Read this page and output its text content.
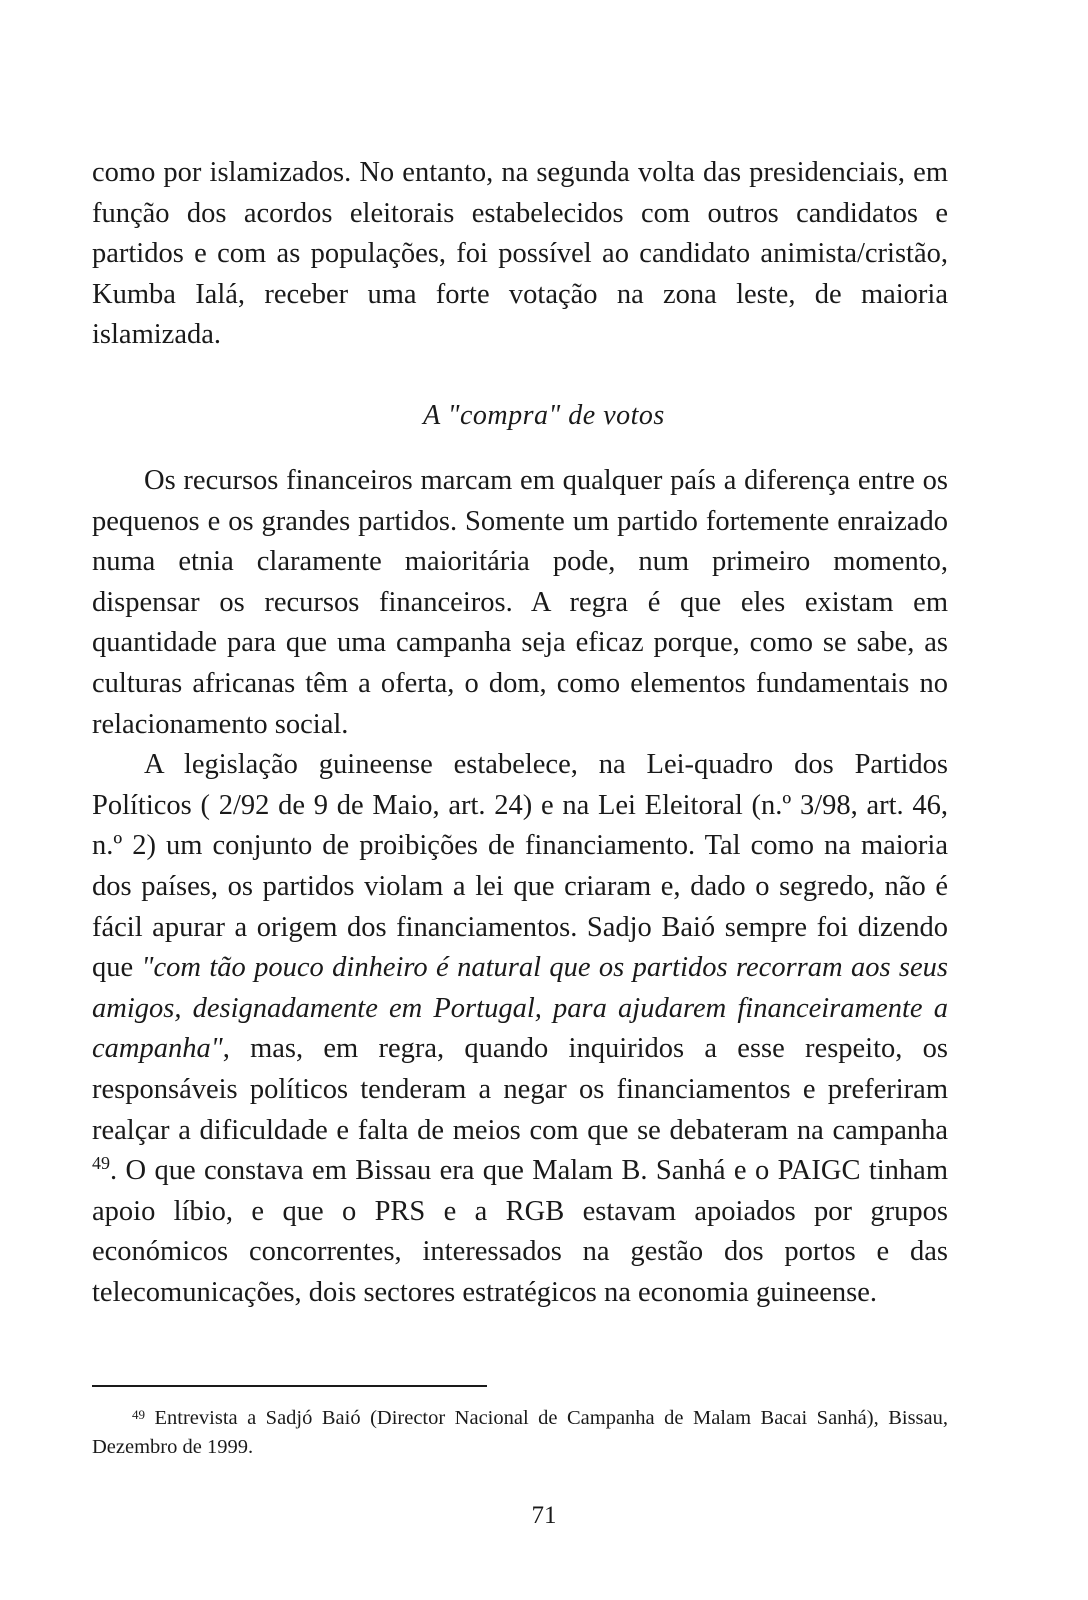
como por islamizados. No entanto, na segunda volta das presidenciais, em função dos acordos eleitorais estabelecidos com outros candidatos e partidos e com as populações, foi possível ao candidato animista/cristão, Kumba Ialá, receber uma forte votação na zona leste, de maioria islamizada.

A "compra" de votos

Os recursos financeiros marcam em qualquer país a diferença entre os pequenos e os grandes partidos. Somente um partido fortemente enraizado numa etnia claramente maioritária pode, num primeiro momento, dispensar os recursos financeiros. A regra é que eles existam em quantidade para que uma campanha seja eficaz porque, como se sabe, as culturas africanas têm a oferta, o dom, como elementos fundamentais no relacionamento social.

A legislação guineense estabelece, na Lei-quadro dos Partidos Políticos ( 2/92 de 9 de Maio, art. 24) e na Lei Eleitoral (n.º 3/98, art. 46, n.º 2) um conjunto de proibições de financiamento. Tal como na maioria dos países, os partidos violam a lei que criaram e, dado o segredo, não é fácil apurar a origem dos financiamentos. Sadjo Baió sempre foi dizendo que "com tão pouco dinheiro é natural que os partidos recorram aos seus amigos, designadamente em Portugal, para ajudarem financeiramente a campanha", mas, em regra, quando inquiridos a esse respeito, os responsáveis políticos tenderam a negar os financiamentos e preferiram realçar a dificuldade e falta de meios com que se debateram na campanha $^{49}$. O que constava em Bissau era que Malam B. Sanhá e o PAIGC tinham apoio líbio, e que o PRS e a RGB estavam apoiados por grupos económicos concorrentes, interessados na gestão dos portos e das telecomunicações, dois sectores estratégicos na economia guineense.

$^{49}$ Entrevista a Sadjó Baió (Director Nacional de Campanha de Malam Bacai Sanhá), Bissau, Dezembro de 1999.
71
